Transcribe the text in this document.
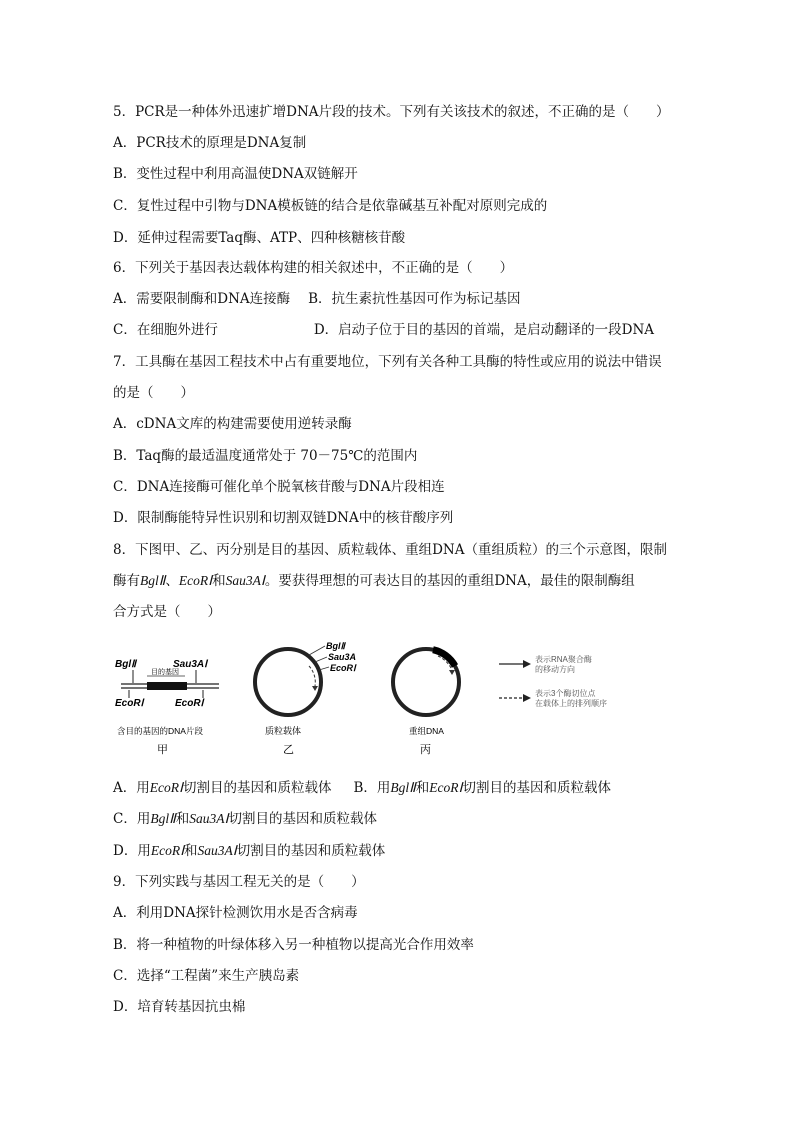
5．PCR是一种体外迅速扩增DNA片段的技术。下列有关该技术的叙述，不正确的是（　　）
A．PCR技术的原理是DNA复制
B．变性过程中利用高温使DNA双链解开
C．复性过程中引物与DNA模板链的结合是依靠碱基互补配对原则完成的
D．延伸过程需要Taq酶、ATP、四种核糖核苷酸
6．下列关于基因表达载体构建的相关叙述中，不正确的是（　　）
A．需要限制酶和DNA连接酶 B．抗生素抗性基因可作为标记基因
C．在细胞外进行	D．启动子位于目的基因的首端，是启动翻译的一段DNA
7．工具酶在基因工程技术中占有重要地位，下列有关各种工具酶的特性或应用的说法中错误
的是（　　）
A．cDNA文库的构建需要使用逆转录酶
B．Taq酶的最适温度通常处于 70－75℃的范围内
C．DNA连接酶可催化单个脱氧核苷酸与DNA片段相连
D．限制酶能特异性识别和切割双链DNA中的核苷酸序列
8．下图甲、乙、丙分别是目的基因、质粒载体、重组DNA（重组质粒）的三个示意图，限制
酶有BglⅡ、EcoRⅠ和Sau3AⅠ。要获得理想的可表达目的基因的重组DNA，最佳的限制酶组
合方式是（　　）
BglⅡ	Sau3AⅠ
目的基因
EcoRⅠ	EcoRⅠ
含目的基因的DNA片段
甲
BglⅡ
Sau3A
EcoRⅠ
质粒载体
乙
重组DNA
丙
表示RNA聚合酶
的移动方向
表示3个酶切位点
在载体上的排列顺序
A．用EcoRⅠ切割目的基因和质粒载体 B．用BglⅡ和EcoRⅠ切割目的基因和质粒载体
C．用BglⅡ和Sau3AⅠ切割目的基因和质粒载体
D．用EcoRⅠ和Sau3AⅠ切割目的基因和质粒载体
9．下列实践与基因工程无关的是（　　）
A．利用DNA探针检测饮用水是否含病毒
B．将一种植物的叶绿体移入另一种植物以提高光合作用效率
C．选择“工程菌”来生产胰岛素
D．培育转基因抗虫棉
